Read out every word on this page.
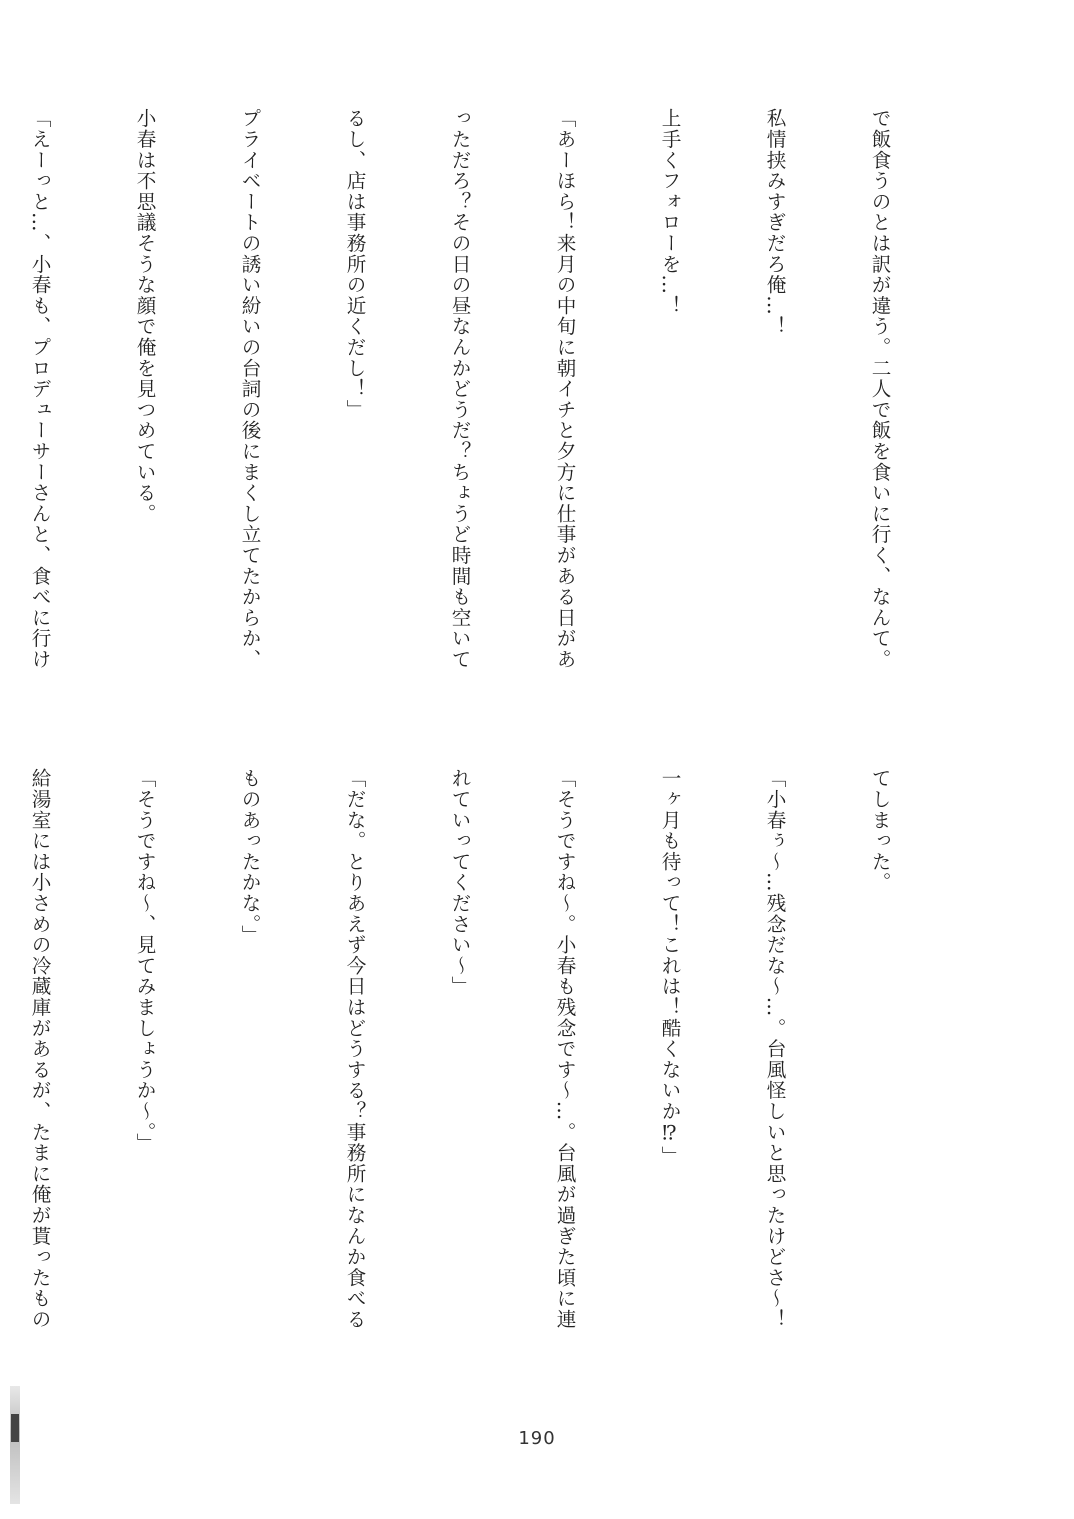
で飯食うのとは訳が違う。二人で飯を食いに行く、なんて。

私情挟みすぎだろ俺…！

上手くフォローを…！

「あーほら！来月の中旬に朝イチと夕方に仕事がある日があ

っただろ？その日の昼なんかどうだ？ちょうど時間も空いて

るし、店は事務所の近くだし！」

プライベートの誘い紛いの台詞の後にまくし立てたからか、

小春は不思議そうな顔で俺を見つめている。

「えーっと…、小春も、プロデューサーさんと、食べに行け

てしまった。

「小春ぅ～…残念だな～…。台風怪しいと思ったけどさ～！

一ヶ月も待って！これは！酷くないか⁉」

「そうですね～。小春も残念です～…。台風が過ぎた頃に連

れていってください～」

「だな。とりあえず今日はどうする？事務所になんか食べる

ものあったかな。」

「そうですね～、見てみましょうか～。」

給湯室には小さめの冷蔵庫があるが、たまに俺が貰ったもの

190
